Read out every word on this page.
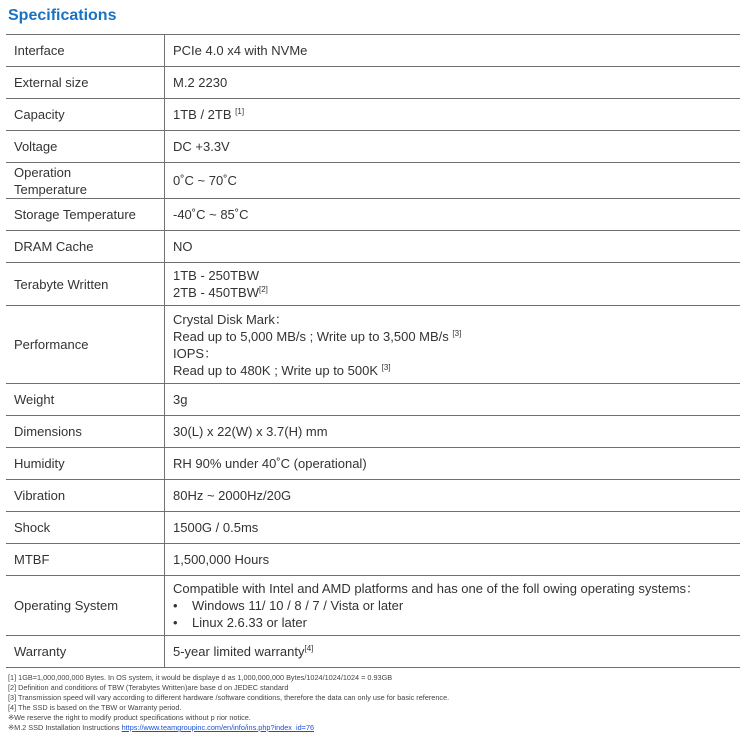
Specifications
Interface	PCIe 4.0 x4 with NVMe
External size	M.2 2230
Capacity	1TB / 2TB [1]
Voltage	DC +3.3V

Operation
Temperature	0˚C ~ 70˚C
Storage Temperature	-40˚C ~ 85˚C
DRAM Cache	NO
Terabyte Written	1TB - 250TBW
2TB - 450TBW[2]

Performance	Crystal Disk Mark：
Read up to 5,000 MB/s ; Write up to 3,500 MB/s [3]
IOPS：
Read up to 480K ; Write up to 500K [3]

Weight	3g
Dimensions	30(L) x 22(W) x 3.7(H) mm
Humidity	RH 90% under 40˚C (operational)
Vibration	80Hz ~ 2000Hz/20G
Shock	1500G / 0.5ms
MTBF	1,500,000 Hours
Operating System	Compatible with Intel and AMD platforms and has one of the foll owing operating systems：
• Windows 11/ 10 / 8 / 7 / Vista or later
• Linux 2.6.33 or later

Warranty	5-year limited warranty[4]
[1] 1GB=1,000,000,000 Bytes. In OS system, it would be displaye d as 1,000,000,000 Bytes/1024/1024/1024 = 0.93GB
[2] Definition and conditions of TBW (Terabytes Written)are base d on JEDEC standard
[3] Transmission speed will vary according to different hardware /software conditions, therefore the data can only use for basic reference.
[4] The SSD is based on the TBW or Warranty period.
※We reserve the right to modify product specifications without p rior notice.
※M.2 SSD Installation Instructions https://www.teamgroupinc.com/en/info/ins.php?index_id=76
